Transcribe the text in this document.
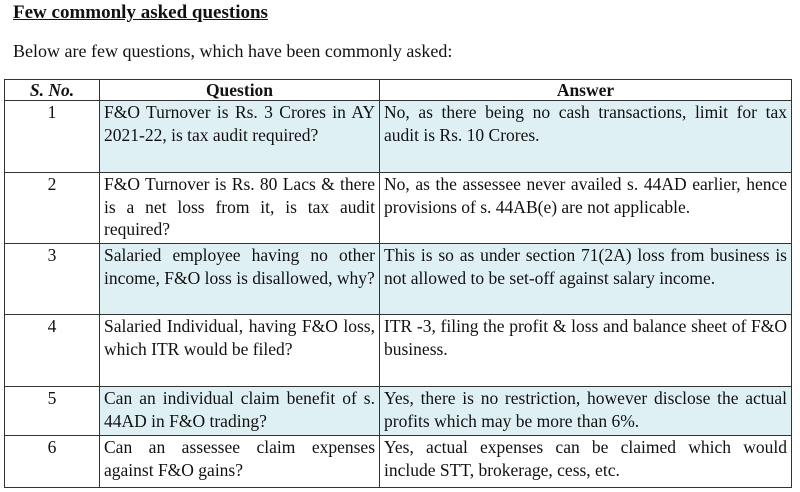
Few commonly asked questions

Below are few questions, which have been commonly asked:

S. No.	Question	Answer
1	F&O Turnover is Rs. 3 Crores in AY 2021-22, is tax audit required?	No, as there being no cash transactions, limit for tax audit is Rs. 10 Crores.
2	F&O Turnover is Rs. 80 Lacs & there is a net loss from it, is tax audit required?	No, as the assessee never availed s. 44AD earlier, hence provisions of s. 44AB(e) are not applicable.
3	Salaried employee having no other income, F&O loss is disallowed, why?	This is so as under section 71(2A) loss from business is not allowed to be set-off against salary income.
4	Salaried Individual, having F&O loss, which ITR would be filed?	ITR -3, filing the profit & loss and balance sheet of F&O business.
5	Can an individual claim benefit of s. 44AD in F&O trading?	Yes, there is no restriction, however disclose the actual profits which may be more than 6%.
6	Can an assessee claim expenses against F&O gains?	Yes, actual expenses can be claimed which would include STT, brokerage, cess, etc.
